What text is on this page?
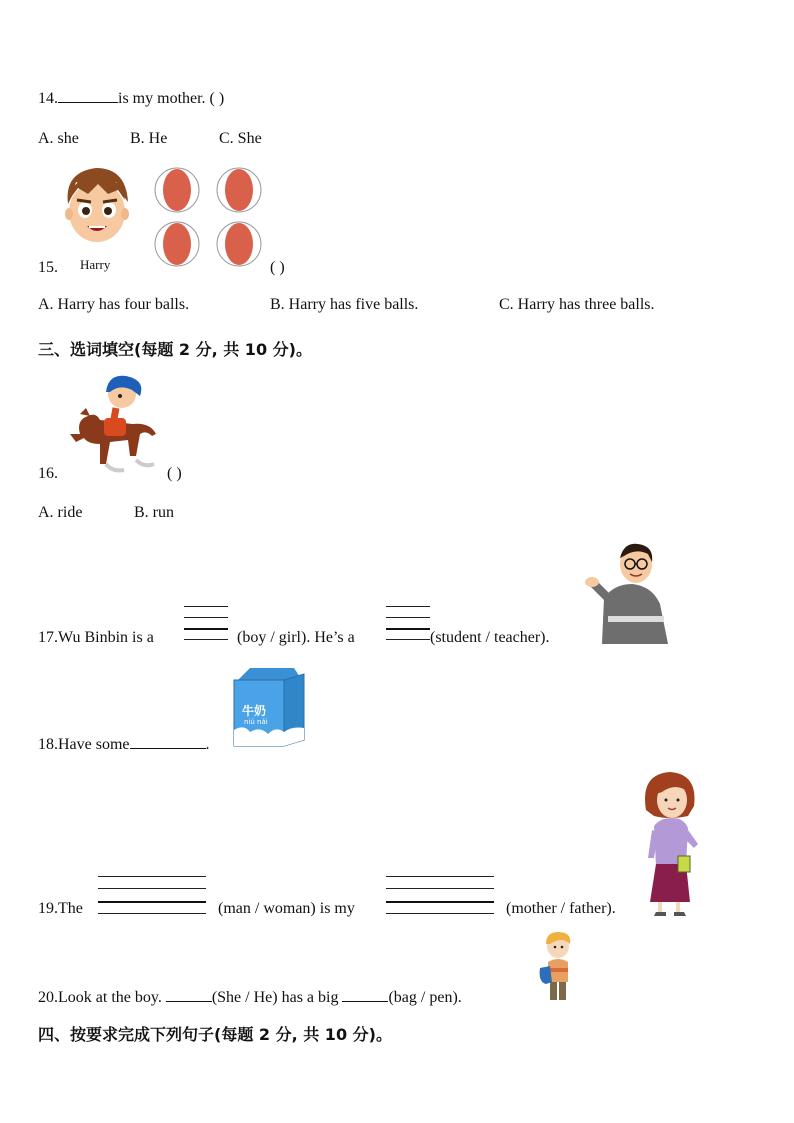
14.	is my mother. ( )
A. she	B. He	C. She
Harry
15.	( )
A. Harry has four balls.	B. Harry has five balls.	C. Harry has three balls.
三、选词填空(每题 2 分, 共 10 分)。
16.	( )
A. ride	B. run
17.Wu Binbin is a	(boy / girl). He’s a	(student / teacher).
18.Have some	.
牛奶
niú nǎi
19.The	(man / woman) is my	(mother / father).
20.Look at the boy.	(She / He) has a big	(bag / pen).
四、按要求完成下列句子(每题 2 分, 共 10 分)。
